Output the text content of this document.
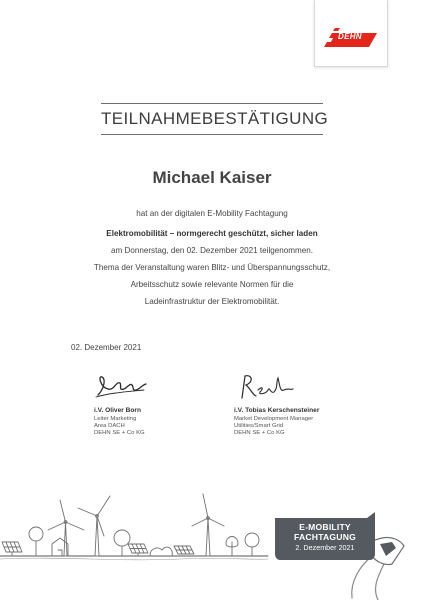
DEHN
TEILNAHMEBESTÄTIGUNG
Michael Kaiser
hat an der digitalen E-Mobility Fachtagung
Elektromobilität – normgerecht geschützt, sicher laden
am Donnerstag, den 02. Dezember 2021 teilgenommen.
Thema der Veranstaltung waren Blitz- und Überspannungsschutz,
Arbeitsschutz sowie relevante Normen für die
Ladeinfrastruktur der Elektromobilität.
02. Dezember 2021
i.V. Oliver Born
Leiter Marketing
Area DACH
DEHN SE + Co KG
i.V. Tobias Kerschensteiner
Market Development Manager
Utilities/Smart Grid
DEHN SE + Co KG
E-MOBILITY
FACHTAGUNG
2. Dezember 2021
